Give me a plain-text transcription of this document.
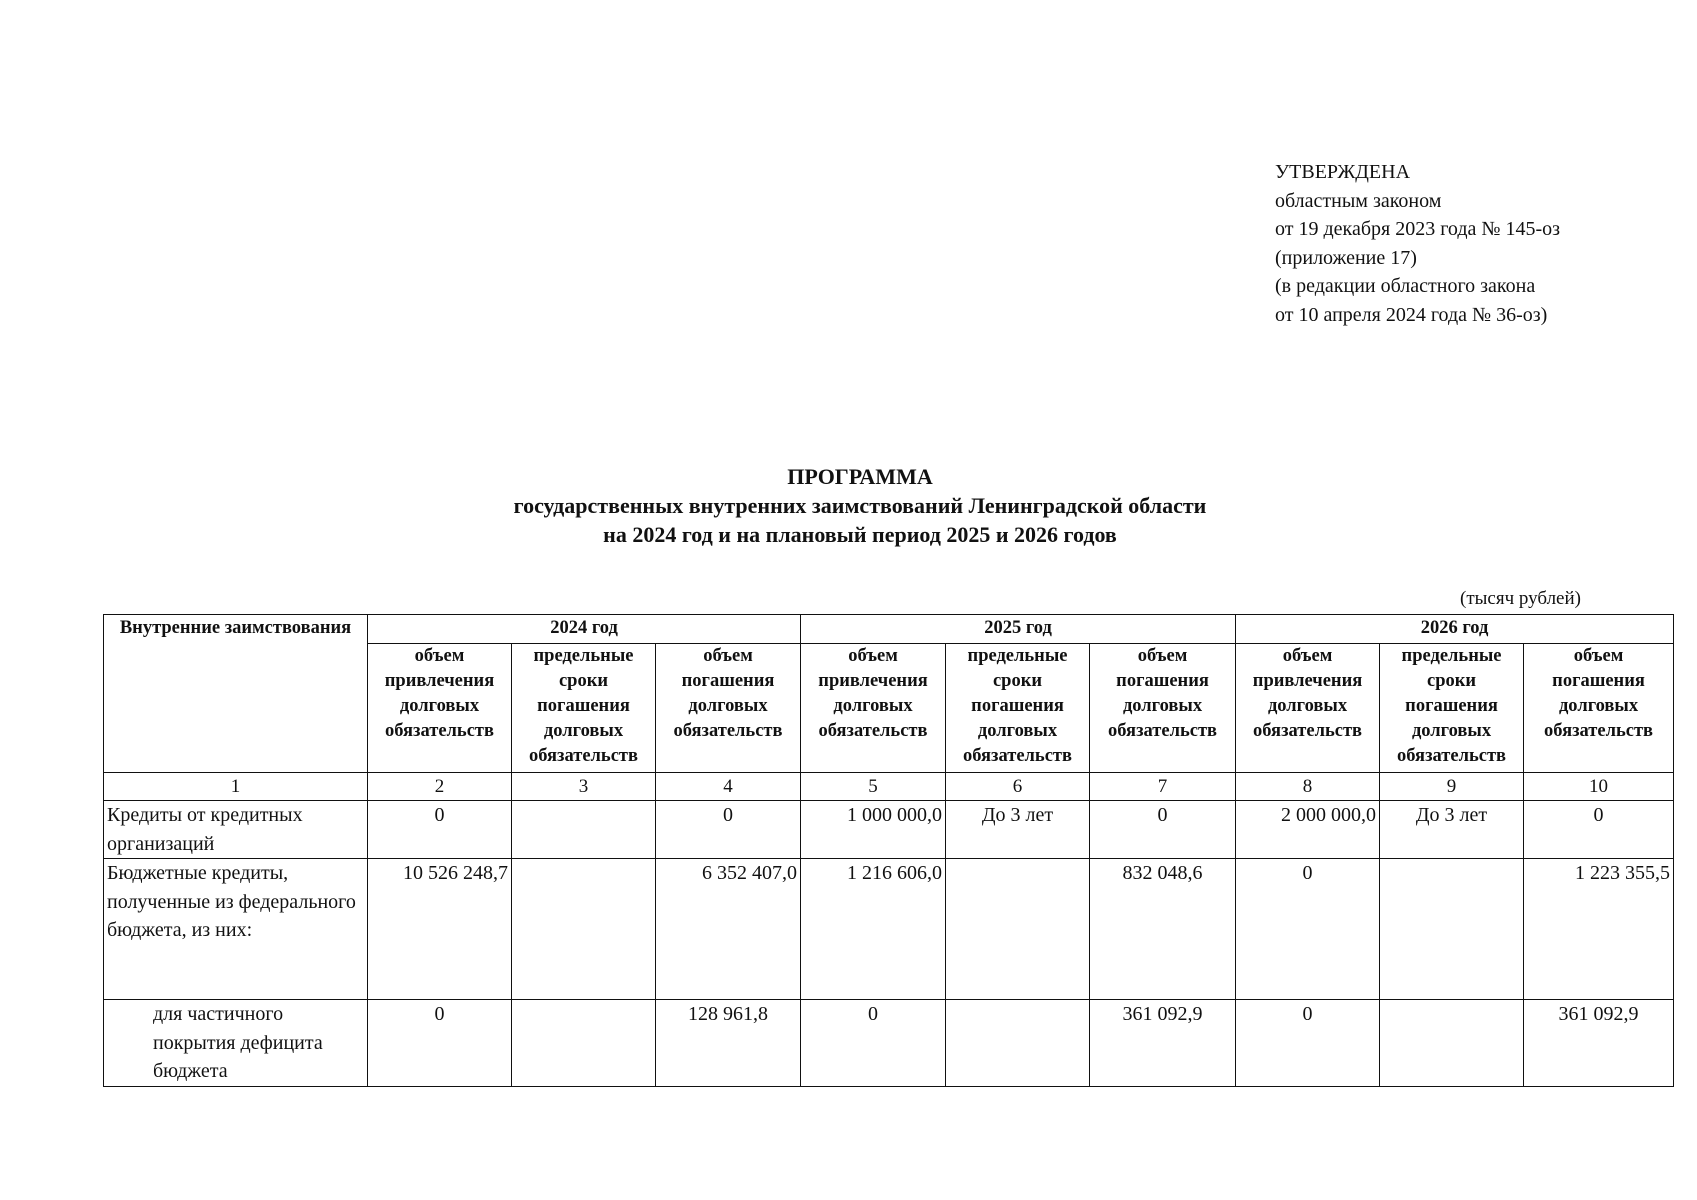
УТВЕРЖДЕНА
областным законом
от 19 декабря 2023 года № 145-оз
(приложение 17)
(в редакции областного закона
от 10 апреля 2024 года № 36-оз)
ПРОГРАММА
государственных внутренних заимствований Ленинградской области
на 2024 год и на плановый период 2025 и 2026 годов
(тысяч рублей)
Внутренние заимствования	2024 год			2025 год			2026 год		
	объем привлечения долговых обязательств	предельные сроки погашения долговых обязательств	объем погашения долговых обязательств	объем привлечения долговых обязательств	предельные сроки погашения долговых обязательств	объем погашения долговых обязательств	объем привлечения долговых обязательств	предельные сроки погашения долговых обязательств	объем погашения долговых обязательств
1	2	3	4	5	6	7	8	9	10
Кредиты от кредитных организаций	0		0	1 000 000,0	До 3 лет	0	2 000 000,0	До 3 лет	0
Бюджетные кредиты, полученные из федерального бюджета, из них:	10 526 248,7		6 352 407,0	1 216 606,0		832 048,6	0		1 223 355,5
для частичного покрытия дефицита бюджета	0		128 961,8	0		361 092,9	0		361 092,9
